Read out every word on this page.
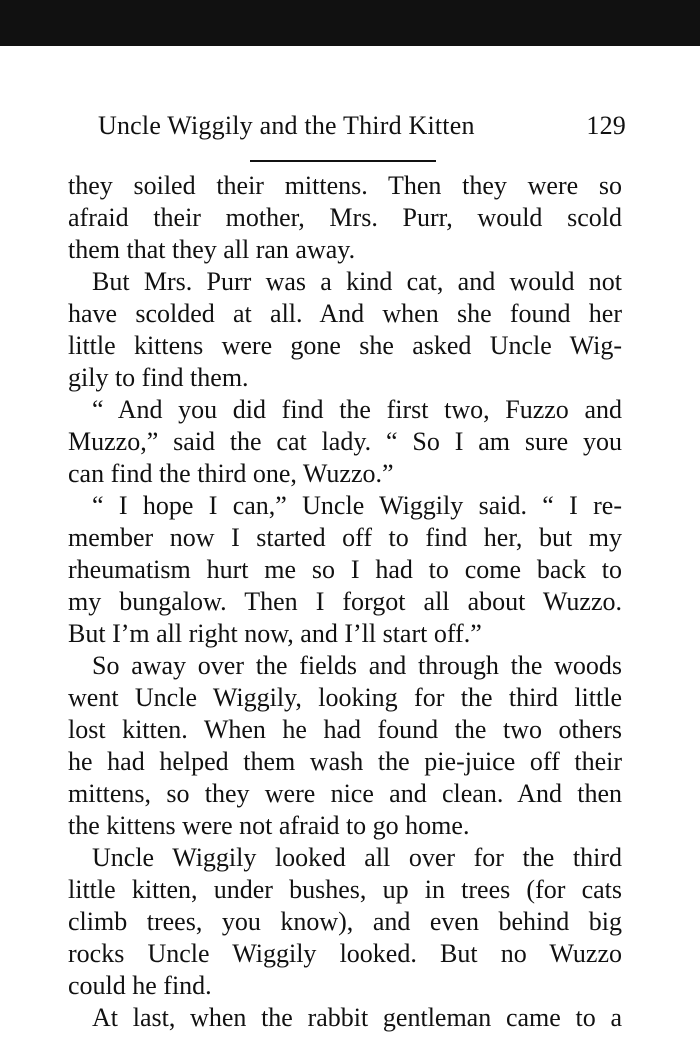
Uncle Wiggily and the Third Kitten	129
they soiled their mittens. Then they were so
afraid their mother, Mrs. Purr, would scold
them that they all ran away.
But Mrs. Purr was a kind cat, and would not
have scolded at all. And when she found her
little kittens were gone she asked Uncle Wig-
gily to find them.
“ And you did find the first two, Fuzzo and
Muzzo,” said the cat lady. “ So I am sure you
can find the third one, Wuzzo.”
“ I hope I can,” Uncle Wiggily said. “ I re-
member now I started off to find her, but my
rheumatism hurt me so I had to come back to
my bungalow. Then I forgot all about Wuzzo.
But I’m all right now, and I’ll start off.”
So away over the fields and through the woods
went Uncle Wiggily, looking for the third little
lost kitten. When he had found the two others
he had helped them wash the pie-juice off their
mittens, so they were nice and clean. And then
the kittens were not afraid to go home.
Uncle Wiggily looked all over for the third
little kitten, under bushes, up in trees (for cats
climb trees, you know), and even behind big
rocks Uncle Wiggily looked. But no Wuzzo
could he find.
At last, when the rabbit gentleman came to a
